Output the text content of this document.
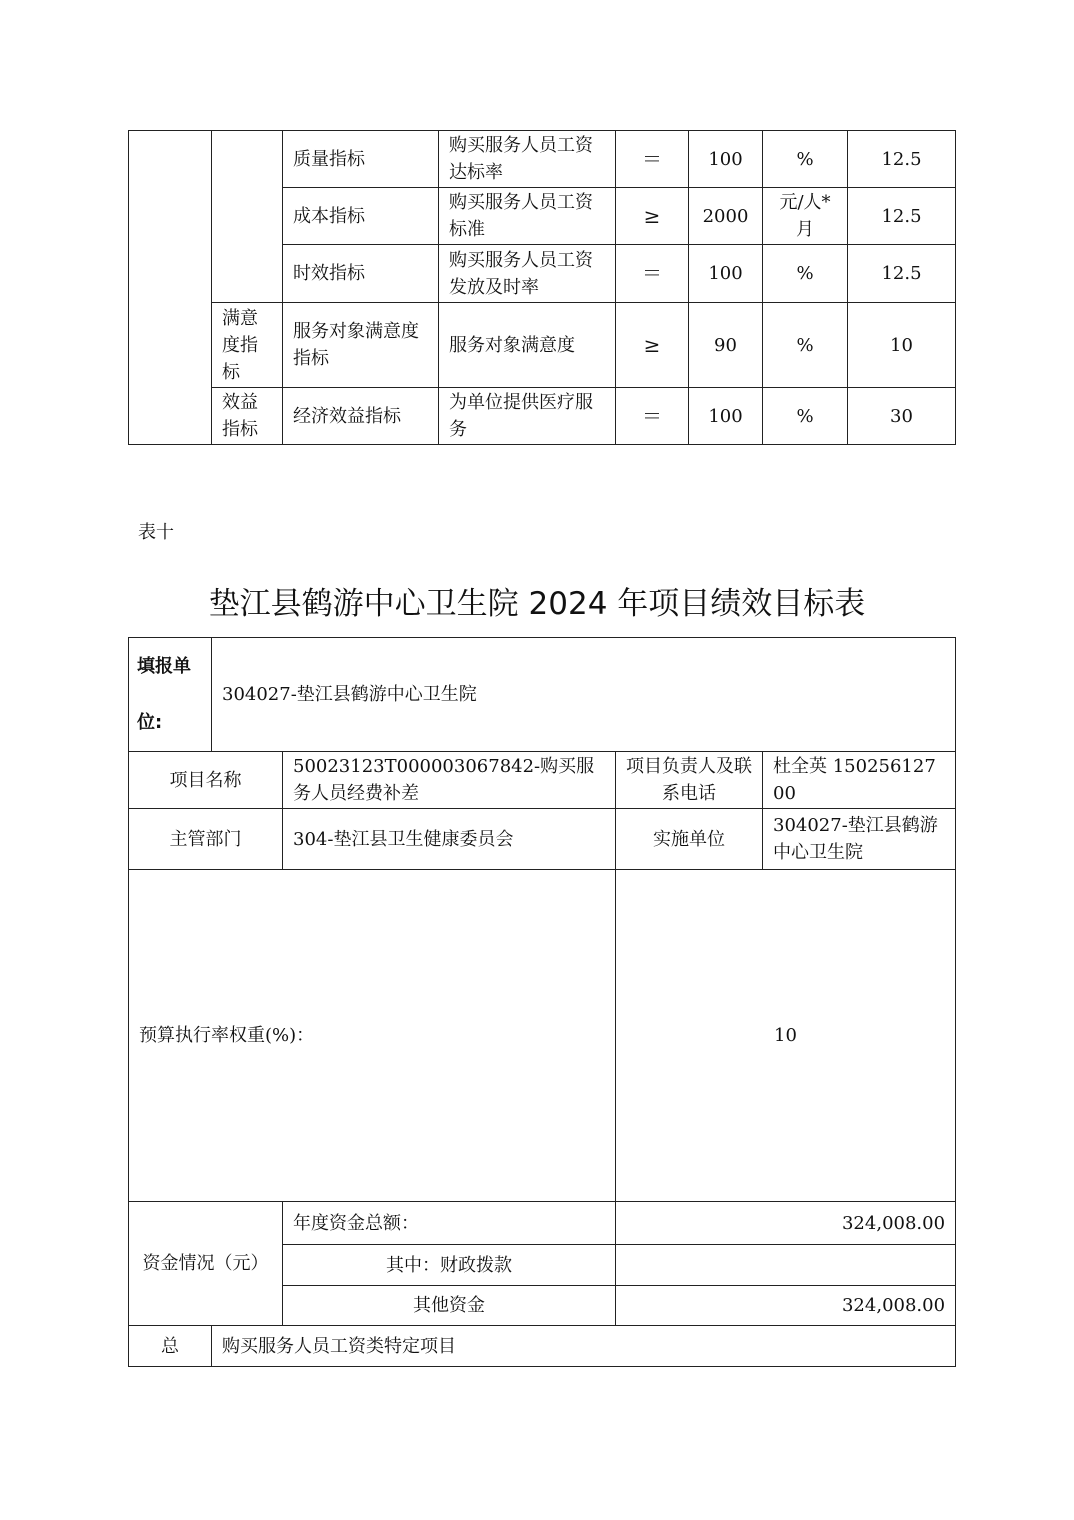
		质量指标	购买服务人员工资达标率	＝	100	%	12.5
		成本指标	购买服务人员工资标准	≥	2000	元/人*月	12.5
		时效指标	购买服务人员工资发放及时率	＝	100	%	12.5
	满意度指标	服务对象满意度指标	服务对象满意度	≥	90	%	10
	效益指标	经济效益指标	为单位提供医疗服务	＝	100	%	30
表十
垫江县鹤游中心卫生院 2024 年项目绩效目标表
填报单位:	304027-垫江县鹤游中心卫生院			
项目名称		50023123T000003067842-购买服务人员经费补差	项目负责人及联系电话	杜全英 15025612700
主管部门		304-垫江县卫生健康委员会	实施单位	304027-垫江县鹤游中心卫生院
预算执行率权重(%)：			10	
资金情况（元）		年度资金总额：	324,008.00	
		其中：财政拨款		
		其他资金	324,008.00	
总	购买服务人员工资类特定项目			
